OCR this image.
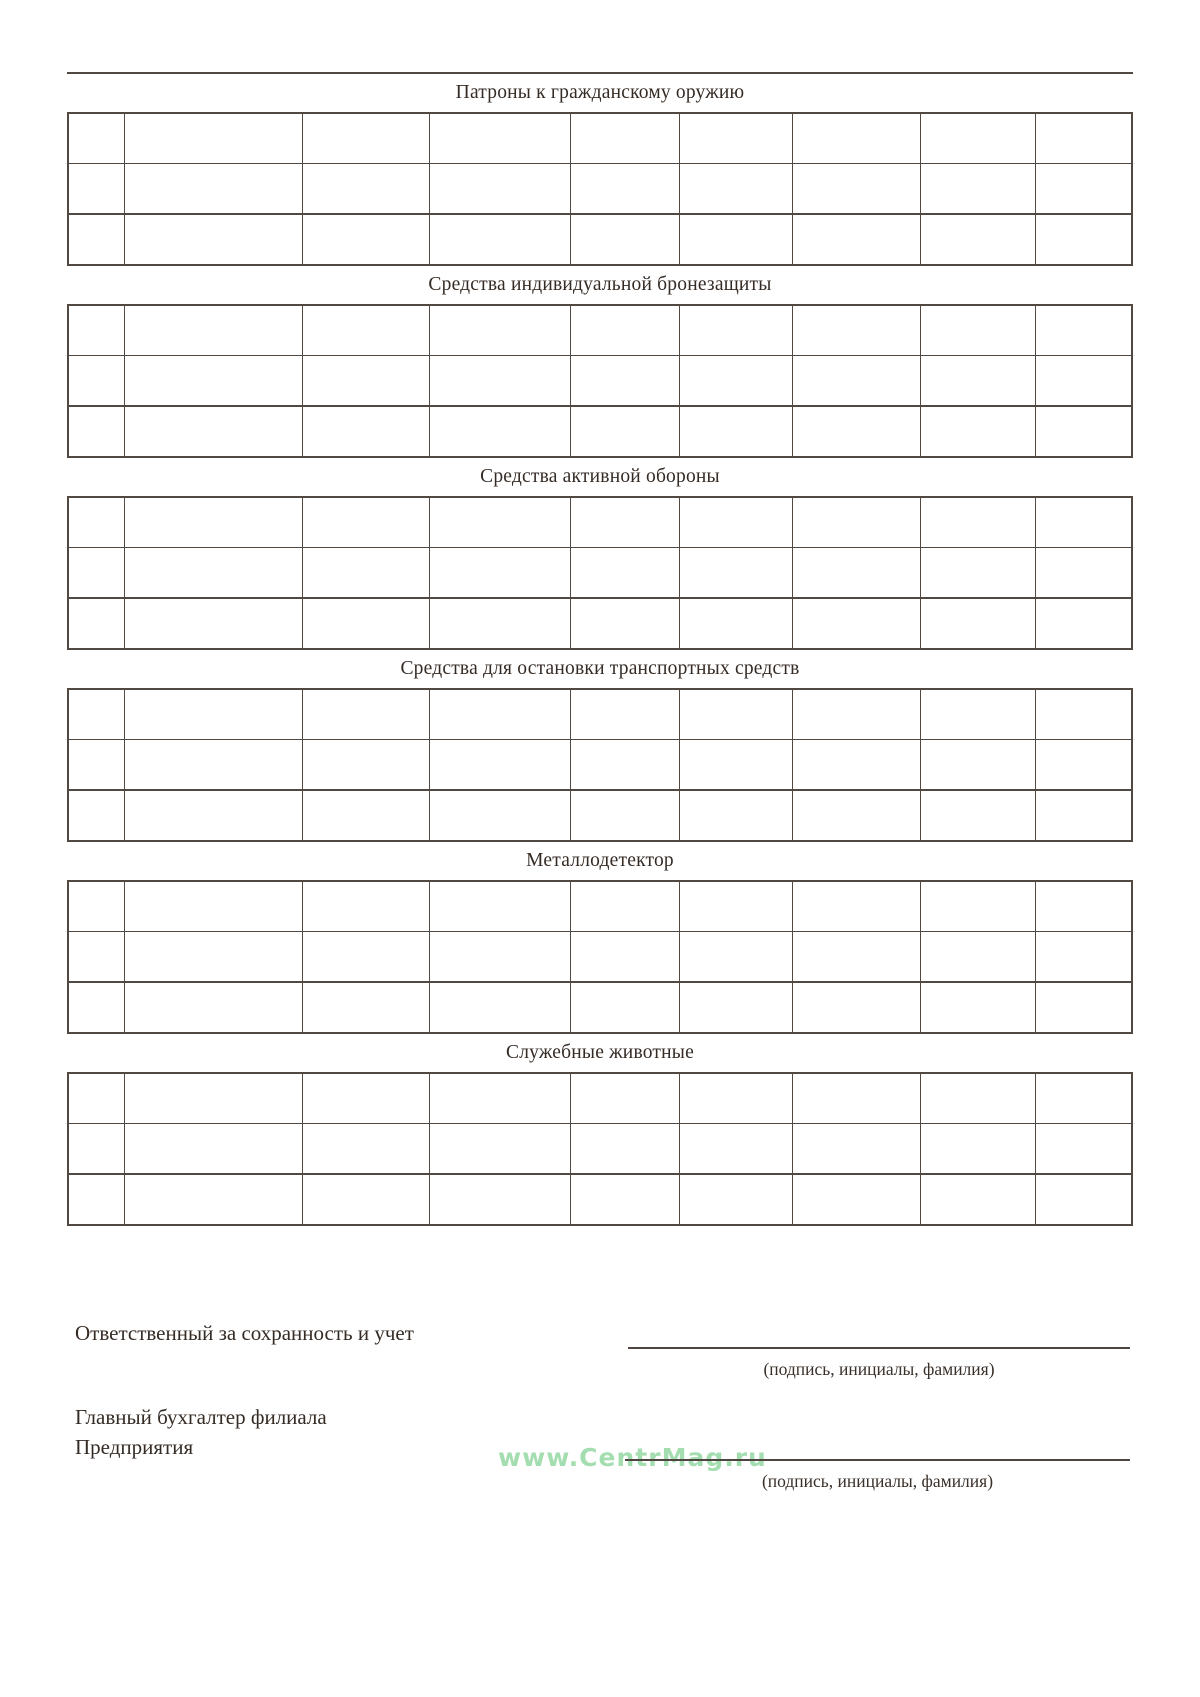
Патроны к гражданскому оружию

Средства индивидуальной бронезащиты

Средства активной обороны

Средства для остановки транспортных средств

Металлодетектор

Служебные животные

Ответственный за сохранность и учет
(подпись, инициалы, фамилия)
Главный бухгалтер филиала
Предприятия	www.CentrMag.ru
(подпись, инициалы, фамилия)
